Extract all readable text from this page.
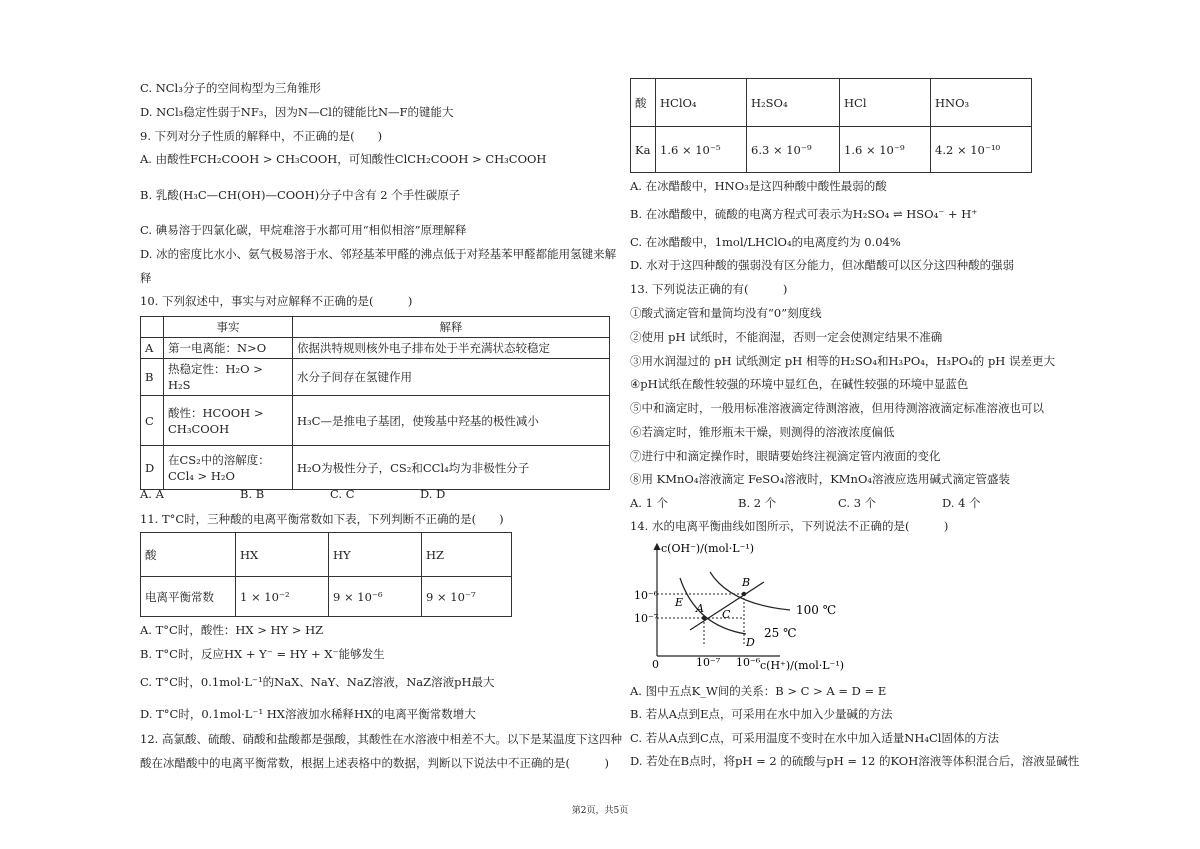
C. NCl₃分子的空间构型为三角锥形
D. NCl₃稳定性弱于NF₃，因为N—Cl的键能比N—F的键能大
9. 下列对分子性质的解释中，不正确的是(　　)
A. 由酸性FCH₂COOH > CH₃COOH，可知酸性ClCH₂COOH > CH₃COOH
B. 乳酸(H₃C—CH(OH)—COOH)分子中含有 2 个手性碳原子
C. 碘易溶于四氯化碳，甲烷难溶于水都可用“相似相溶”原理解释
D. 冰的密度比水小、氨气极易溶于水、邻羟基苯甲醛的沸点低于对羟基苯甲醛都能用氢键来解
释
10. 下列叙述中，事实与对应解释不正确的是(　　　)
	事实	解释
A	第一电离能：N>O	依据洪特规则核外电子排布处于半充满状态较稳定
B	热稳定性：H₂O > H₂S	水分子间存在氢键作用
C	酸性：HCOOH > CH₃COOH	H₃C—是推电子基团，使羧基中羟基的极性减小
D	在CS₂中的溶解度：CCl₄ > H₂O	H₂O为极性分子，CS₂和CCl₄均为非极性分子
A. A	B. B	C. C	D. D
11. T°C时，三种酸的电离平衡常数如下表，下列判断不正确的是(　　)
酸	HX	HY	HZ
电离平衡常数	1 × 10⁻²	9 × 10⁻⁶	9 × 10⁻⁷
A. T°C时，酸性：HX > HY > HZ
B. T°C时，反应HX + Y⁻ = HY + X⁻能够发生
C. T°C时，0.1mol·L⁻¹的NaX、NaY、NaZ溶液，NaZ溶液pH最大
D. T°C时，0.1mol·L⁻¹ HX溶液加水稀释HX的电离平衡常数增大
12. 高氯酸、硫酸、硝酸和盐酸都是强酸，其酸性在水溶液中相差不大。以下是某温度下这四种
酸在冰醋酸中的电离平衡常数，根据上述表格中的数据，判断以下说法中不正确的是(　　　)
酸	HClO₄	H₂SO₄	HCl	HNO₃
Ka	1.6 × 10⁻⁵	6.3 × 10⁻⁹	1.6 × 10⁻⁹	4.2 × 10⁻¹⁰
A. 在冰醋酸中，HNO₃是这四种酸中酸性最弱的酸
B. 在冰醋酸中，硫酸的电离方程式可表示为H₂SO₄ ⇌ HSO₄⁻ + H⁺
C. 在冰醋酸中，1mol/LHClO₄的电离度约为 0.04%
D. 水对于这四种酸的强弱没有区分能力，但冰醋酸可以区分这四种酸的强弱
13. 下列说法正确的有(　　　)
①酸式滴定管和量筒均没有“0”刻度线
②使用 pH 试纸时，不能润湿，否则一定会使测定结果不准确
③用水润湿过的 pH 试纸测定 pH 相等的H₂SO₄和H₃PO₄，H₃PO₄的 pH 误差更大
④pH试纸在酸性较强的环境中显红色，在碱性较强的环境中显蓝色
⑤中和滴定时，一般用标准溶液滴定待测溶液，但用待测溶液滴定标准溶液也可以
⑥若滴定时，锥形瓶未干燥，则测得的溶液浓度偏低
⑦进行中和滴定操作时，眼睛要始终注视滴定管内液面的变化
⑧用 KMnO₄溶液滴定 FeSO₄溶液时，KMnO₄溶液应选用碱式滴定管盛装
A. 1 个	B. 2 个	C. 3 个	D. 4 个
14. 水的电离平衡曲线如图所示，下列说法不正确的是(　　　)
c(OH⁻)/(mol·L⁻¹)
c(H⁺)/(mol·L⁻¹)
0
10⁻⁶
10⁻⁷
10⁻⁷ 10⁻⁶
A
B
C
D
E
100 ℃
25 ℃
A. 图中五点K_W间的关系：B > C > A = D = E
B. 若从A点到E点，可采用在水中加入少量碱的方法
C. 若从A点到C点，可采用温度不变时在水中加入适量NH₄Cl固体的方法
D. 若处在B点时，将pH = 2 的硫酸与pH = 12 的KOH溶液等体积混合后，溶液显碱性
第2页，共5页
